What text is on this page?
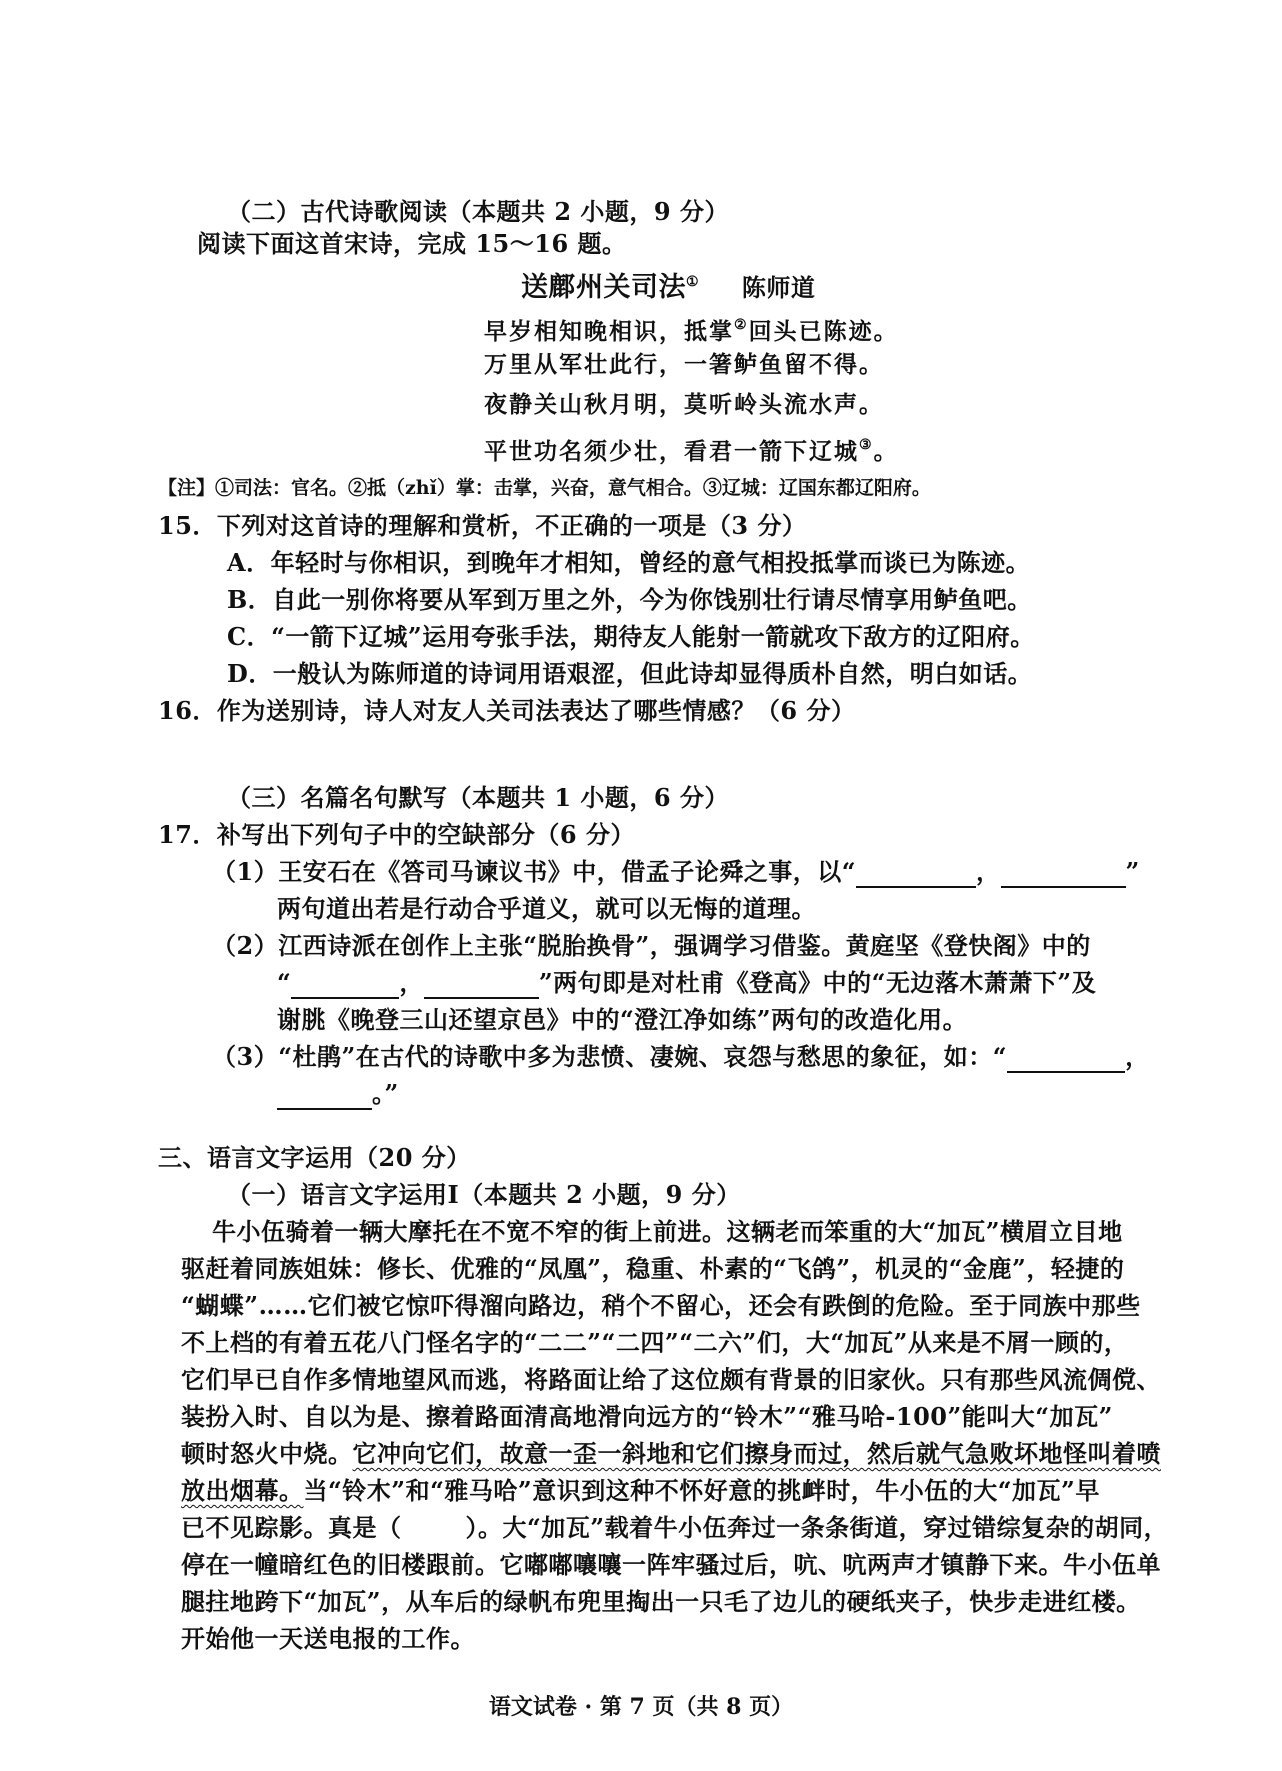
（二）古代诗歌阅读（本题共 2 小题，9 分）
阅读下面这首宋诗，完成 15～16 题。
送鄜州关司法① 陈师道
早岁相知晚相识，抵掌②回头已陈迹。
万里从军壮此行，一箸鲈鱼留不得。
夜静关山秋月明，莫听岭头流水声。
平世功名须少壮，看君一箭下辽城③。
【注】①司法：官名。②抵（zhǐ）掌：击掌，兴奋，意气相合。③辽城：辽国东都辽阳府。
15．下列对这首诗的理解和赏析，不正确的一项是（3 分）
A．年轻时与你相识，到晚年才相知，曾经的意气相投抵掌而谈已为陈迹。
B．自此一别你将要从军到万里之外，今为你饯别壮行请尽情享用鲈鱼吧。
C．“一箭下辽城”运用夸张手法，期待友人能射一箭就攻下敌方的辽阳府。
D．一般认为陈师道的诗词用语艰涩，但此诗却显得质朴自然，明白如话。
16．作为送别诗，诗人对友人关司法表达了哪些情感？（6 分）
（三）名篇名句默写（本题共 1 小题，6 分）
17．补写出下列句子中的空缺部分（6 分）
（1）王安石在《答司马谏议书》中，借孟子论舜之事，以“	，	”
两句道出若是行动合乎道义，就可以无悔的道理。
（2）江西诗派在创作上主张“脱胎换骨”，强调学习借鉴。黄庭坚《登快阁》中的
“	，	”两句即是对杜甫《登高》中的“无边落木萧萧下”及
谢朓《晚登三山还望京邑》中的“澄江净如练”两句的改造化用。
（3）“杜鹃”在古代的诗歌中多为悲愤、凄婉、哀怨与愁思的象征，如：“	，
。”
三、语言文字运用（20 分）
（一）语言文字运用Ⅰ（本题共 2 小题，9 分）
牛小伍骑着一辆大摩托在不宽不窄的街上前进。这辆老而笨重的大“加瓦”横眉立目地
驱赶着同族姐妹：修长、优雅的“凤凰”，稳重、朴素的“飞鸽”，机灵的“金鹿”，轻捷的
“蝴蝶”……它们被它惊吓得溜向路边，稍个不留心，还会有跌倒的危险。至于同族中那些
不上档的有着五花八门怪名字的“二二”“二四”“二六”们，大“加瓦”从来是不屑一顾的，
它们早已自作多情地望风而逃，将路面让给了这位颇有背景的旧家伙。只有那些风流倜傥、
装扮入时、自以为是、擦着路面清高地滑向远方的“铃木”“雅马哈-100”能叫大“加瓦”
顿时怒火中烧。它冲向它们，故意一歪一斜地和它们擦身而过，然后就气急败坏地怪叫着喷
放出烟幕。当“铃木”和“雅马哈”意识到这种不怀好意的挑衅时，牛小伍的大“加瓦”早
已不见踪影。真是（	）。大“加瓦”载着牛小伍奔过一条条街道，穿过错综复杂的胡同，
停在一幢暗红色的旧楼跟前。它嘟嘟嚷嚷一阵牢骚过后，吭、吭两声才镇静下来。牛小伍单
腿拄地跨下“加瓦”，从车后的绿帆布兜里掏出一只毛了边儿的硬纸夹子，快步走进红楼。
开始他一天送电报的工作。
语文试卷 · 第 7 页（共 8 页）
